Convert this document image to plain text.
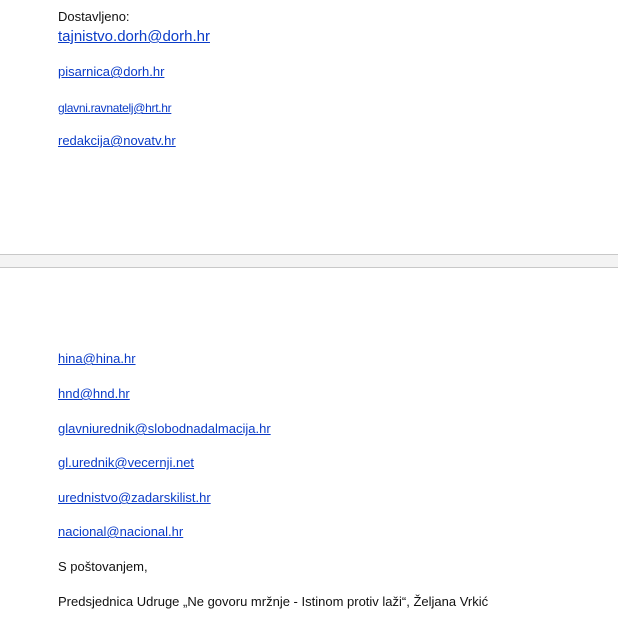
Dostavljeno:
tajnistvo.dorh@dorh.hr
pisarnica@dorh.hr
glavni.ravnatelj@hrt.hr
redakcija@novatv.hr
hina@hina.hr
hnd@hnd.hr
glavniurednik@slobodnadalmacija.hr
gl.urednik@vecernji.net
urednistvo@zadarskilist.hr
nacional@nacional.hr
S poštovanjem,
Predsjednica Udruge „Ne govoru mržnje - Istinom protiv laži“, Željana Vrkić
